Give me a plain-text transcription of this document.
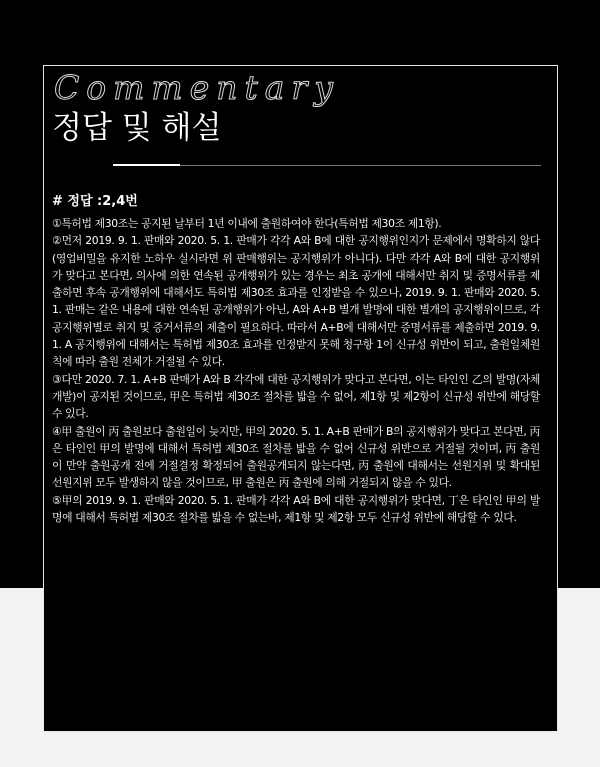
Commentary
정답 및 해설
# 정답 :2,4번

①특허법 제30조는 공지된 날부터 1년 이내에 출원하여야 한다(특허법 제30조 제1항).

②먼저 2019. 9. 1. 판매와 2020. 5. 1. 판매가 각각 A와 B에 대한 공지행위인지가 문제에서 명확하지 않다(영업비밀을 유지한 노하우 실시라면 위 판매행위는 공지행위가 아니다). 다만 각각 A와 B에 대한 공지행위가 맞다고 본다면, 의사에 의한 연속된 공개행위가 있는 경우는 최초 공개에 대해서만 취지 및 증명서류를 제출하면 후속 공개행위에 대해서도 특허법 제30조 효과를 인정받을 수 있으나, 2019. 9. 1. 판매와 2020. 5. 1. 판매는 같은 내용에 대한 연속된 공개행위가 아닌, A와 A+B 별개 발명에 대한 별개의 공지행위이므로, 각 공지행위별로 취지 및 증거서류의 제출이 필요하다. 따라서 A+B에 대해서만 증명서류를 제출하면 2019. 9. 1. A 공지행위에 대해서는 특허법 제30조 효과를 인정받지 못해 청구항 1이 신규성 위반이 되고, 출원일체원칙에 따라 출원 전체가 거절될 수 있다.

③다만 2020. 7. 1. A+B 판매가 A와 B 각각에 대한 공지행위가 맞다고 본다면, 이는 타인인 乙의 발명(자체 개발)이 공지된 것이므로, 甲은 특허법 제30조 절차를 밟을 수 없어, 제1항 및 제2항이 신규성 위반에 해당할 수 있다.

④甲 출원이 丙 출원보다 출원일이 늦지만, 甲의 2020. 5. 1. A+B 판매가 B의 공지행위가 맞다고 본다면, 丙은 타인인 甲의 발명에 대해서 특허법 제30조 절차를 밟을 수 없어 신규성 위반으로 거절될 것이며, 丙 출원이 만약 출원공개 전에 거절결정 확정되어 출원공개되지 않는다면, 丙 출원에 대해서는 선원지위 및 확대된 선원지위 모두 발생하지 않을 것이므로, 甲 출원은 丙 출원에 의해 거절되지 않을 수 있다.

⑤甲의 2019. 9. 1. 판매와 2020. 5. 1. 판매가 각각 A와 B에 대한 공지행위가 맞다면, 丁은 타인인 甲의 발명에 대해서 특허법 제30조 절차를 밟을 수 없는바, 제1항 및 제2항 모두 신규성 위반에 해당할 수 있다.
